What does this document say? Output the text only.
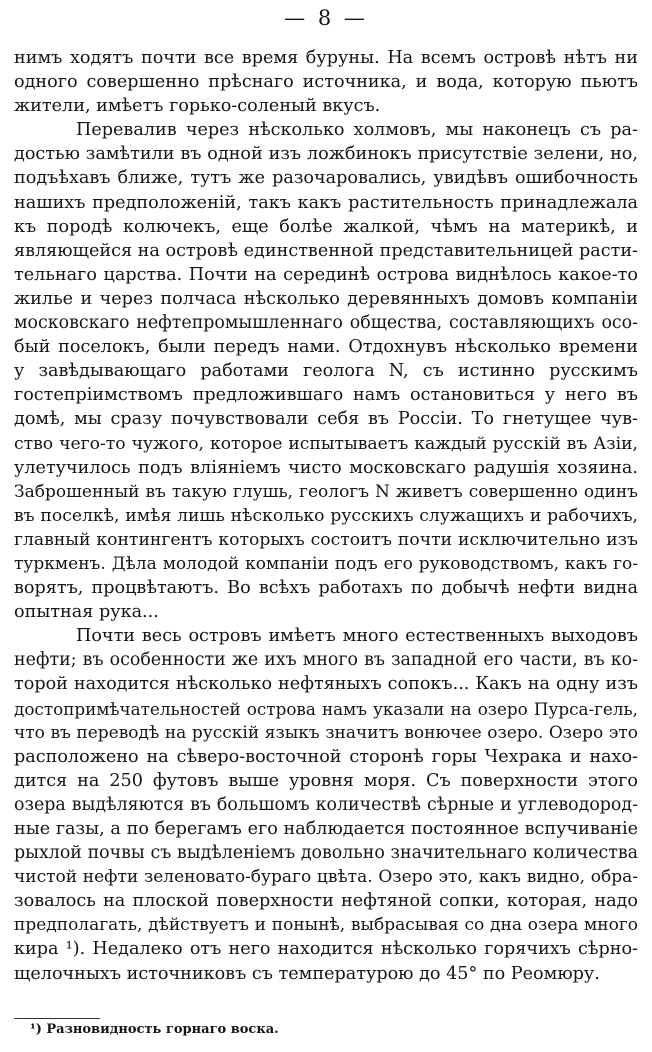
— 8 —
нимъ ходятъ почти все время буруны. На всемъ островѣ нѣтъ ни
одного совершенно прѣснаго источника, и вода, которую пьютъ
жители, имѣетъ горько-соленый вкусъ.
Перевалив через нѣсколько холмовъ, мы наконецъ съ ра-
достью замѣтили въ одной изъ ложбинокъ присутствіе зелени, но,
подъѣхавъ ближе, тутъ же разочаровались, увидѣвъ ошибочность
нашихъ предположеній, такъ какъ растительность принадлежала
къ породѣ колючекъ, еще болѣе жалкой, чѣмъ на материкѣ, и
являющейся на островѣ единственной представительницей расти-
тельнаго царства. Почти на серединѣ острова виднѣлось какое-то
жилье и через полчаса нѣсколько деревянныхъ домовъ компаніи
московскаго нефтепромышленнаго общества, составляющихъ осо-
бый поселокъ, были передъ нами. Отдохнувъ нѣсколько времени
у завѣдывающаго работами геолога N, съ истинно русскимъ
гостепріимствомъ предложившаго намъ остановиться у него въ
домѣ, мы сразу почувствовали себя въ Россіи. То гнетущее чув-
ство чего-то чужого, которое испытываетъ каждый русскій въ Азіи,
улетучилось подъ вліяніемъ чисто московскаго радушія хозяина.
Заброшенный въ такую глушь, геологъ N живетъ совершенно одинъ
въ поселкѣ, имѣя лишь нѣсколько русскихъ служащихъ и рабочихъ,
главный контингентъ которыхъ состоитъ почти исключительно изъ
туркменъ. Дѣла молодой компаніи подъ его руководствомъ, какъ го-
ворятъ, процвѣтаютъ. Во всѣхъ работахъ по добычѣ нефти видна
опытная рука...
Почти весь островъ имѣетъ много естественныхъ выходовъ
нефти; въ особенности же ихъ много въ западной его части, въ ко-
торой находится нѣсколько нефтяныхъ сопокъ... Какъ на одну изъ
достопримѣчательностей острова намъ указали на озеро Пурса-гель,
что въ переводѣ на русскій языкъ значитъ вонючее озеро. Озеро это
расположено на сѣверо-восточной сторонѣ горы Чехрака и нахо-
дится на 250 футовъ выше уровня моря. Съ поверхности этого
озера выдѣляются въ большомъ количествѣ сѣрные и углеводород-
ные газы, а по берегамъ его наблюдается постоянное вспучиваніе
рыхлой почвы съ выдѣленіемъ довольно значительнаго количества
чистой нефти зеленовато-бураго цвѣта. Озеро это, какъ видно, обра-
зовалось на плоской поверхности нефтяной сопки, которая, надо
предполагать, дѣйствуетъ и понынѣ, выбрасывая со дна озера много
кира ¹). Недалеко отъ него находится нѣсколько горячихъ сѣрно-
щелочныхъ источниковъ съ температурою до 45° по Реомюру.
¹) Разновидность горнаго воска.
